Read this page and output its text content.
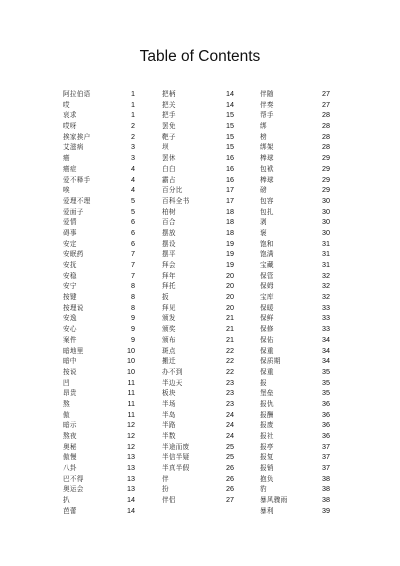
Table of Contents
阿拉伯语	1
哎	1
哀求	1
哎呀	2
挨家挨户	2
艾滋病	3
癌	3
癌症	4
爱不释手	4
唉	4
爱理不理	5
爱面子	5
爱情	6
碍事	6
安定	6
安眠药	7
安抚	7
安稳	7
安宁	8
按键	8
按理说	8
安逸	9
安心	9
案件	9
暗地里	10
暗中	10
按说	10
凹	11
昂贵	11
熬	11
傲	11
暗示	12
熬夜	12
奥秘	12
傲慢	13
八卦	13
巴不得	13
奥运会	13
扒	14
芭蕾	14
把柄	14
把关	14
把手	15
罢免	15
靶子	15
坝	15
罢休	16
白白	16
霸占	16
百分比	17
百科全书	17
柏树	18
百合	18
摆放	18
摆设	19
摆平	19
拜会	19
拜年	20
拜托	20
扳	20
拜见	20
颁发	21
颁奖	21
颁布	21
斑点	22
搬迁	22
办不到	22
半边天	23
板块	23
半场	23
半岛	24
半路	24
半数	24
半途而废	25
半信半疑	25
半真半假	26
伴	26
扮	26
伴侣	27
伴随	27
伴奏	27
帮手	28
绑	28
榜	28
绑架	28
棒球	29
包袱	29
棒球	29
磅	29
包容	30
包扎	30
剥	30
褒	30
饱和	31
饱满	31
宝藏	31
保管	32
保姆	32
宝库	32
保暖	33
保鲜	33
保修	33
保佑	34
保重	34
保质期	34
保重	35
报	35
堡垒	35
报仇	36
报酬	36
报废	36
报社	36
报亭	37
报复	37
报销	37
抱负	38
豹	38
暴风骤雨	38
暴利	39
